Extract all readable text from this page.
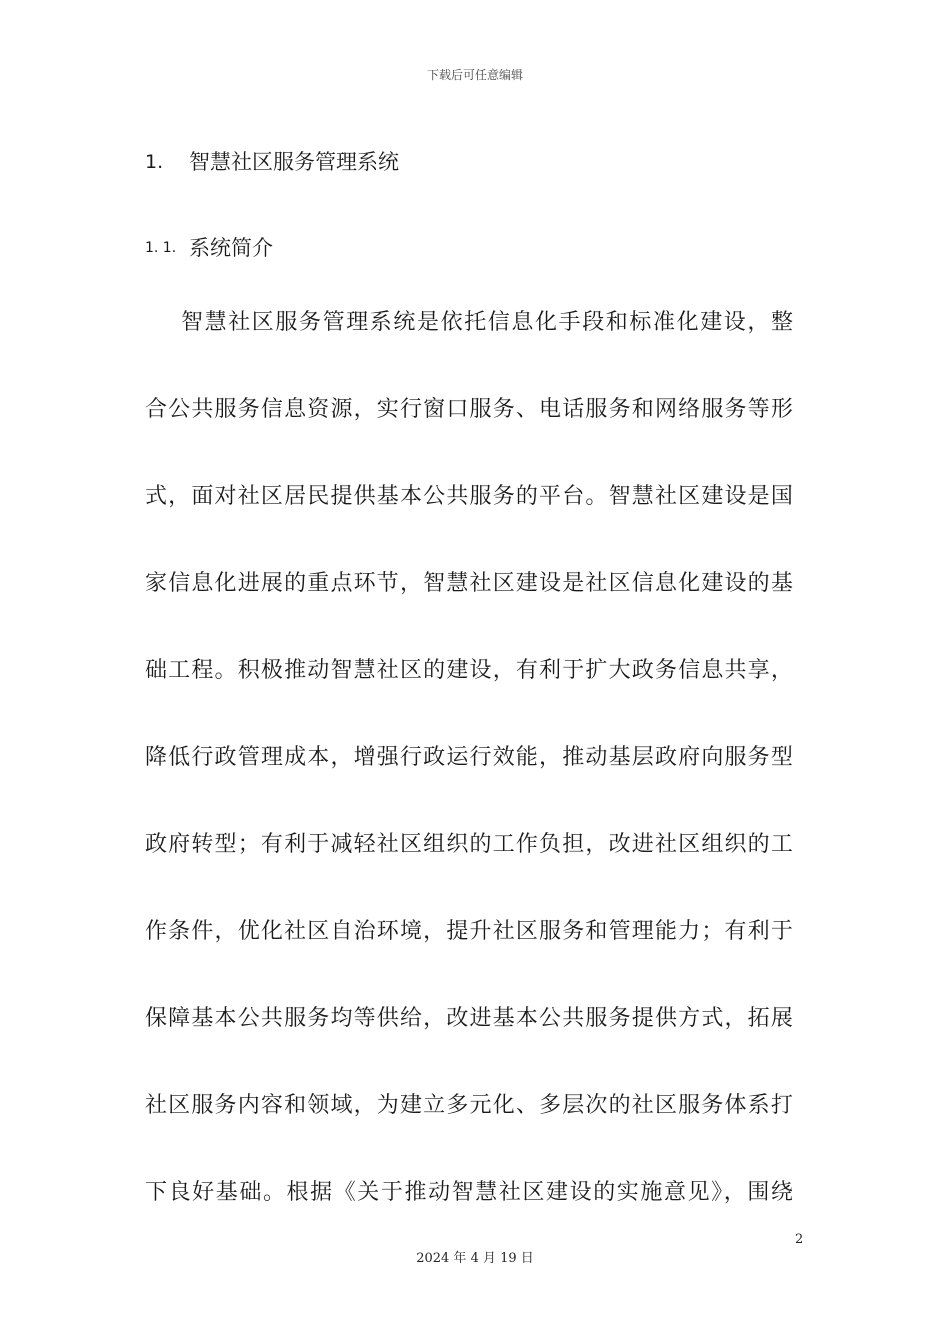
下载后可任意编辑
1.	智慧社区服务管理系统
1. 1. 系统简介
智慧社区服务管理系统是依托信息化手段和标准化建设，整
合公共服务信息资源，实行窗口服务、电话服务和网络服务等形
式，面对社区居民提供基本公共服务的平台。智慧社区建设是国
家信息化进展的重点环节，智慧社区建设是社区信息化建设的基
础工程。积极推动智慧社区的建设，有利于扩大政务信息共享，
降低行政管理成本，增强行政运行效能，推动基层政府向服务型
政府转型；有利于减轻社区组织的工作负担，改进社区组织的工
作条件，优化社区自治环境，提升社区服务和管理能力；有利于
保障基本公共服务均等供给，改进基本公共服务提供方式，拓展
社区服务内容和领域，为建立多元化、多层次的社区服务体系打
下良好基础。根据《关于推动智慧社区建设的实施意见》，围绕
2
2024 年 4 月 19 日
